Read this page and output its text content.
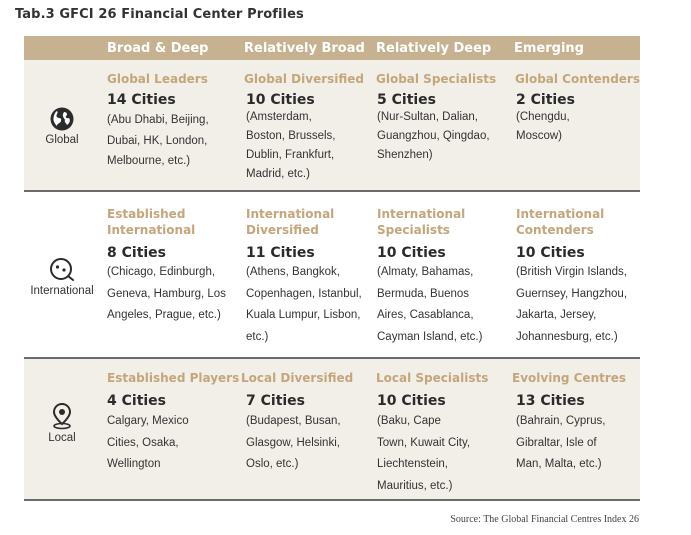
Tab.3 GFCI 26 Financial Center Profiles
Broad & Deep	Relatively Broad Relatively Deep Emerging
Global
International
Local
Global Leaders
14 Cities
(Abu Dhabi, Beijing,
Dubai, HK, London,
Melbourne, etc.)
Global Diversified
10 Cities
(Amsterdam,
Boston, Brussels,
Dublin, Frankfurt,
Madrid, etc.)
Global Specialists
5 Cities
(Nur-Sultan, Dalian,
Guangzhou, Qingdao,
Shenzhen)
Global Contenders
2 Cities
(Chengdu,
Moscow)
Established
International
8 Cities
(Chicago, Edinburgh,
Geneva, Hamburg, Los
Angeles, Prague, etc.)
International
Diversified
11 Cities
(Athens, Bangkok,
Copenhagen, Istanbul,
Kuala Lumpur, Lisbon,
etc.)
International
Specialists
10 Cities
(Almaty, Bahamas,
Bermuda, Buenos
Aires, Casablanca,
Cayman Island, etc.)
International
Contenders
10 Cities
(British Virgin Islands,
Guernsey, Hangzhou,
Jakarta, Jersey,
Johannesburg, etc.)
Established Players
4 Cities
Calgary, Mexico
Cities, Osaka,
Wellington
Local Diversified
7 Cities
(Budapest, Busan,
Glasgow, Helsinki,
Oslo, etc.)
Local Specialists
10 Cities
(Baku, Cape
Town, Kuwait City,
Liechtenstein,
Mauritius, etc.)
Evolving Centres
13 Cities
(Bahrain, Cyprus,
Gibraltar, Isle of
Man, Malta, etc.)
Source: The Global Financial Centres Index 26
